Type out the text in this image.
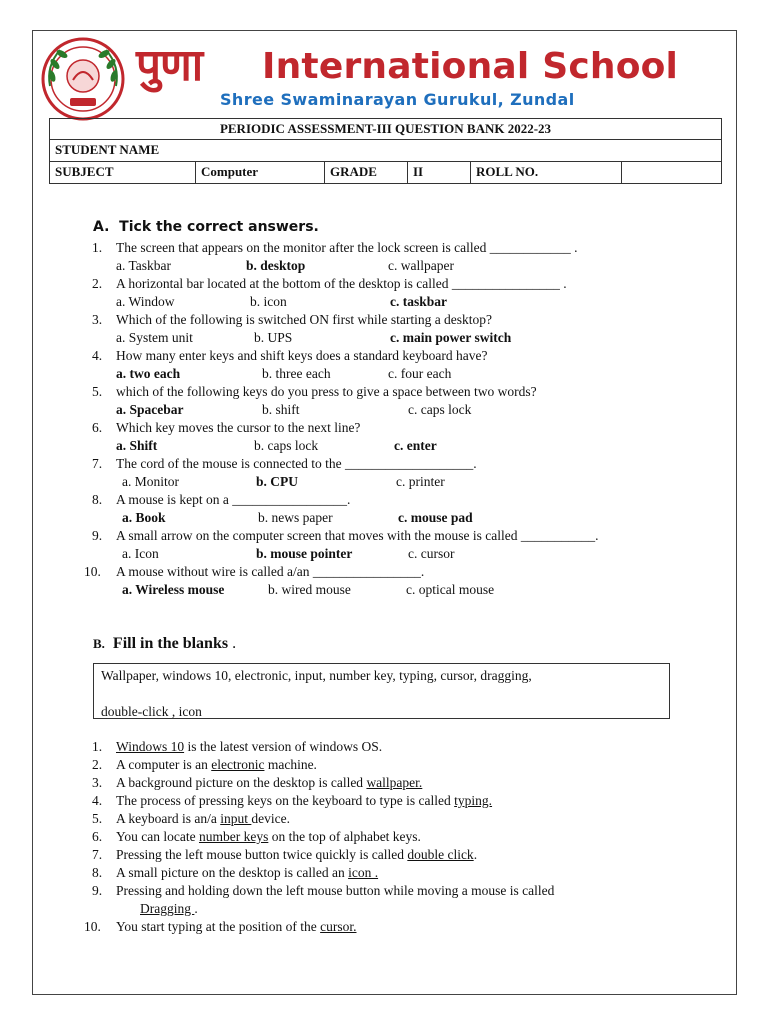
पुणा International School
Shree Swaminarayan Gurukul, Zundal
PERIODIC ASSESSMENT-III QUESTION BANK 2022-23
STUDENT NAME
SUBJECT	Computer	GRADE	II	ROLL NO.	
A. Tick the correct answers.
1.	The screen that appears on the monitor after the lock screen is called ____________ .
a. Taskbar	b. desktop	c. wallpaper
2.	A horizontal bar located at the bottom of the desktop is called ________________ .
a. Window	b. icon	c. taskbar
3.	Which of the following is switched ON first while starting a desktop?
a. System unit	b. UPS	c. main power switch
4.	How many enter keys and shift keys does a standard keyboard have?
a. two each	b. three each	c. four each
5.	which of the following keys do you press to give a space between two words?
a. Spacebar	b. shift	c. caps lock
6.	Which key moves the cursor to the next line?
a. Shift	b. caps lock	c. enter
7.	The cord of the mouse is connected to the ___________________.
a. Monitor	b. CPU	c. printer
8.	A mouse is kept on a _________________.
a. Book	b. news paper	c. mouse pad
9.	A small arrow on the computer screen that moves with the mouse is called ___________.
a. Icon	b. mouse pointer	c. cursor
10.	A mouse without wire is called a/an ________________.
a. Wireless mouse	b. wired mouse	c. optical mouse
B. Fill in the blanks .
Wallpaper, windows 10, electronic, input, number key, typing, cursor, dragging,
double-click , icon
1.	Windows 10 is the latest version of windows OS.
2.	A computer is an electronic machine.
3.	A background picture on the desktop is called wallpaper.
4.	The process of pressing keys on the keyboard to type is called typing.
5.	A keyboard is an/a input device.
6.	You can locate number keys on the top of alphabet keys.
7.	Pressing the left mouse button twice quickly is called double click.
8.	A small picture on the desktop is called an icon .
9.	Pressing and holding down the left mouse button while moving a mouse is called
Dragging .
10.	You start typing at the position of the cursor.
